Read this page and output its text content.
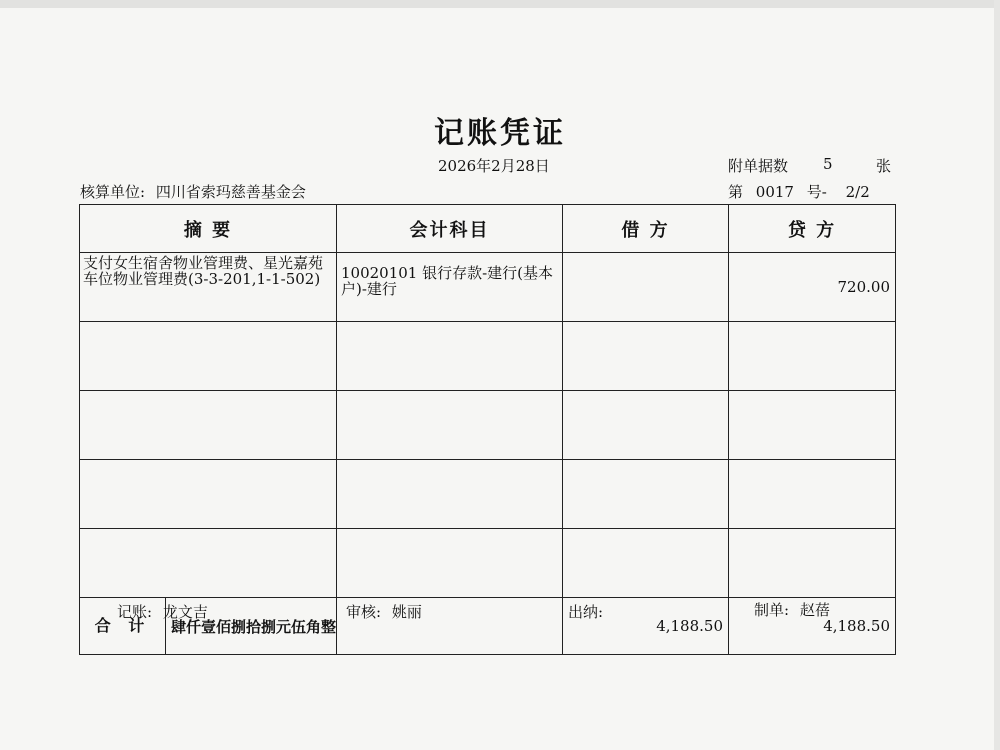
记账凭证
2026年2月28日	附单据数 5	张
核算单位: 四川省索玛慈善基金会	第 0017 号- 2/2
摘 要	会计科目	借 方	贷 方
支付女生宿舍物业管理费、星光嘉苑车位物业管理费(3-3-201,1-1-502)	10020101 银行存款-建行(基本户)-建行		720.00

合 计 肆仟壹佰捌拾捌元伍角整		4,188.50	4,188.50
记账: 龙文吉	审核: 姚丽	出纳:	制单: 赵蓓
